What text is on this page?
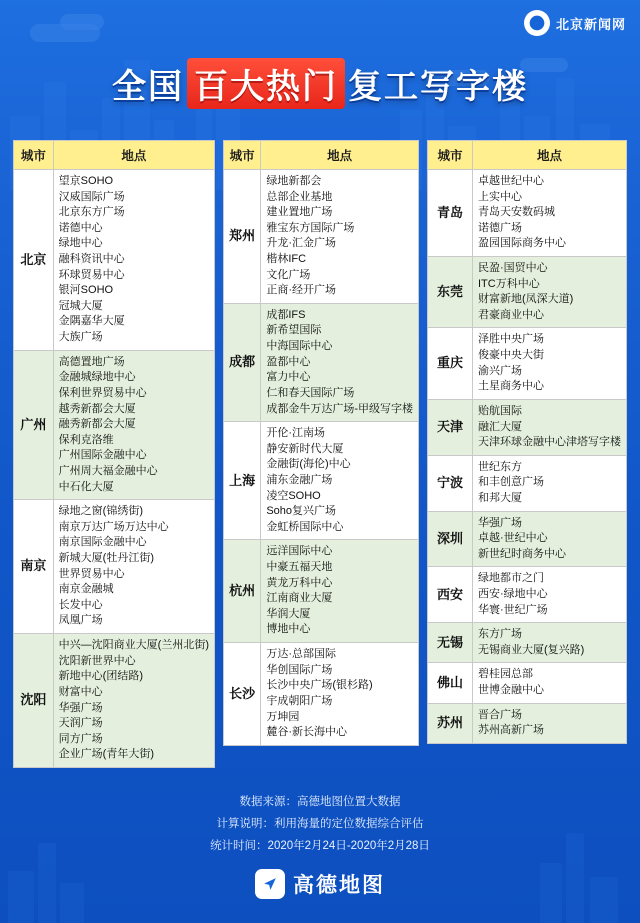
北京新闻网
全国 百大热门 复工写字楼
城市	地点
北京	
望京SOHO
汉威国际广场
北京东方广场
诺德中心
绿地中心
融科资讯中心
环球贸易中心
银河SOHO
冠城大厦
金隅嘉华大厦
大族广场

广州	
高德置地广场
金融城绿地中心
保利世界贸易中心
越秀新都会大厦
融秀新都会大厦
保利克洛维
广州国际金融中心
广州周大福金融中心
中石化大厦

南京	
绿地之窗(锦绣街)
南京万达广场万达中心
南京国际金融中心
新城大厦(牡丹江街)
世界贸易中心
南京金融城
长发中心
凤凰广场

沈阳	
中兴—沈阳商业大厦(兰州北街)
沈阳新世界中心
新地中心(团结路)
财富中心
华强广场
天润广场
同方广场
企业广场(青年大街)
城市	地点
郑州	
绿地新都会
总部企业基地
建业置地广场
雅宝东方国际广场
升龙·汇金广场
楷林IFC
文化广场
正商·经开广场

成都	
成都IFS
新希望国际
中海国际中心
盈都中心
富力中心
仁和春天国际广场
成都金牛万达广场-甲级写字楼

上海	
开伦·江南场
静安新时代大厦
金融街(海伦)中心
浦东金融广场
凌空SOHO
Soho复兴广场
金虹桥国际中心

杭州	
远洋国际中心
中豪五福天地
黄龙万科中心
江南商业大厦
华润大厦
博地中心

长沙	
万达·总部国际
华创国际广场
长沙中央广场(银杉路)
宇成朝阳广场
万坤园
麓谷·新长海中心
城市	地点
青岛	卓越世纪中心
上实中心
青岛天安数码城
诺德广场
盈园国际商务中心

东莞	民盈·国贸中心
ITC万科中心
财富新地(凤深大道)
君豪商业中心

重庆	泽胜中央广场
俊豪中央大街
渝兴广场
土星商务中心

天津	贻航国际
融汇大厦
天津环球金融中心津塔写字楼

宁波	世纪东方
和丰创意广场
和邦大厦

深圳	华强广场
卓越·世纪中心
新世纪时商务中心

西安	绿地都市之门
西安·绿地中心
华寰·世纪广场

无锡	东方广场
无锡商业大厦(复兴路)

佛山	碧桂园总部
世博金融中心

苏州	晋合广场
苏州高新广场
数据来源：高德地图位置大数据
计算说明：利用海量的定位数据综合评估
统计时间：2020年2月24日-2020年2月28日
高德地图
